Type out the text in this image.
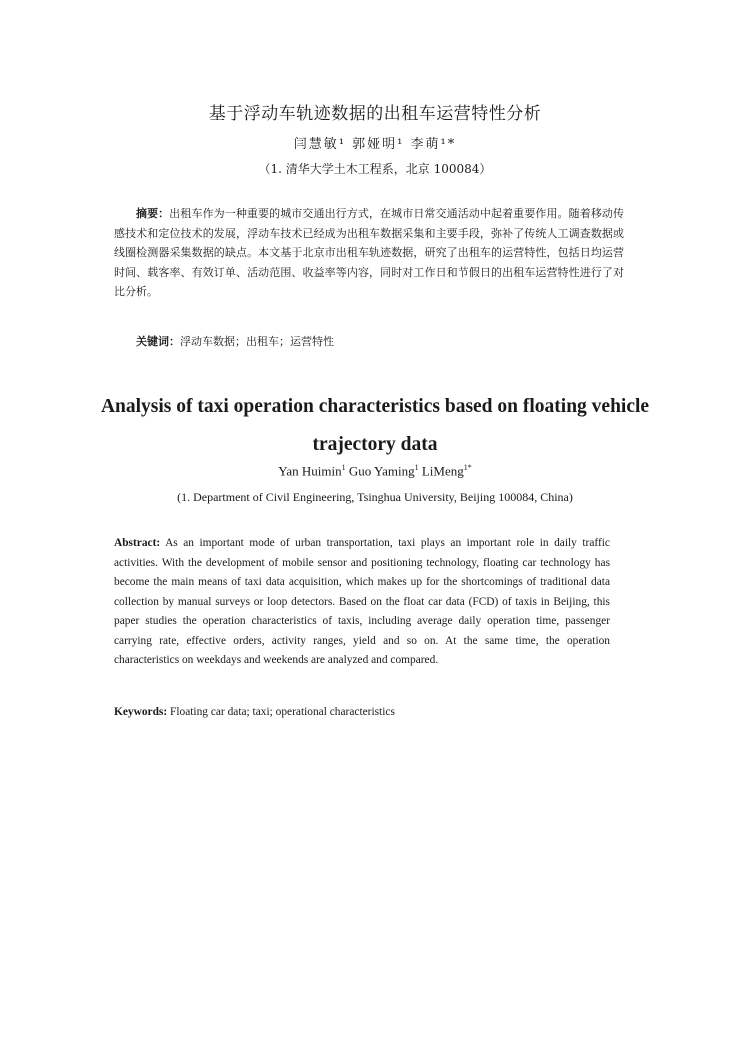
基于浮动车轨迹数据的出租车运营特性分析
闫慧敏¹ 郭娅明¹ 李萌¹*
（1. 清华大学土木工程系，北京 100084）
摘要：出租车作为一种重要的城市交通出行方式，在城市日常交通活动中起着重要作用。随着移动传感技术和定位技术的发展，浮动车技术已经成为出租车数据采集和主要手段，弥补了传统人工调查数据或线圈检测器采集数据的缺点。本文基于北京市出租车轨迹数据，研究了出租车的运营特性，包括日均运营时间、载客率、有效订单、活动范围、收益率等内容，同时对工作日和节假日的出租车运营特性进行了对比分析。
关键词：浮动车数据；出租车；运营特性
Analysis of taxi operation characteristics based on floating vehicle trajectory data
Yan Huimin$^1$ Guo Yaming$^1$ LiMeng$^{1*}$
(1. Department of Civil Engineering, Tsinghua University, Beijing 100084, China)
Abstract: As an important mode of urban transportation, taxi plays an important role in daily traffic activities. With the development of mobile sensor and positioning technology, floating car technology has become the main means of taxi data acquisition, which makes up for the shortcomings of traditional data collection by manual surveys or loop detectors. Based on the float car data (FCD) of taxis in Beijing, this paper studies the operation characteristics of taxis, including average daily operation time, passenger carrying rate, effective orders, activity ranges, yield and so on. At the same time, the operation characteristics on weekdays and weekends are analyzed and compared.
Keywords: Floating car data; taxi; operational characteristics
